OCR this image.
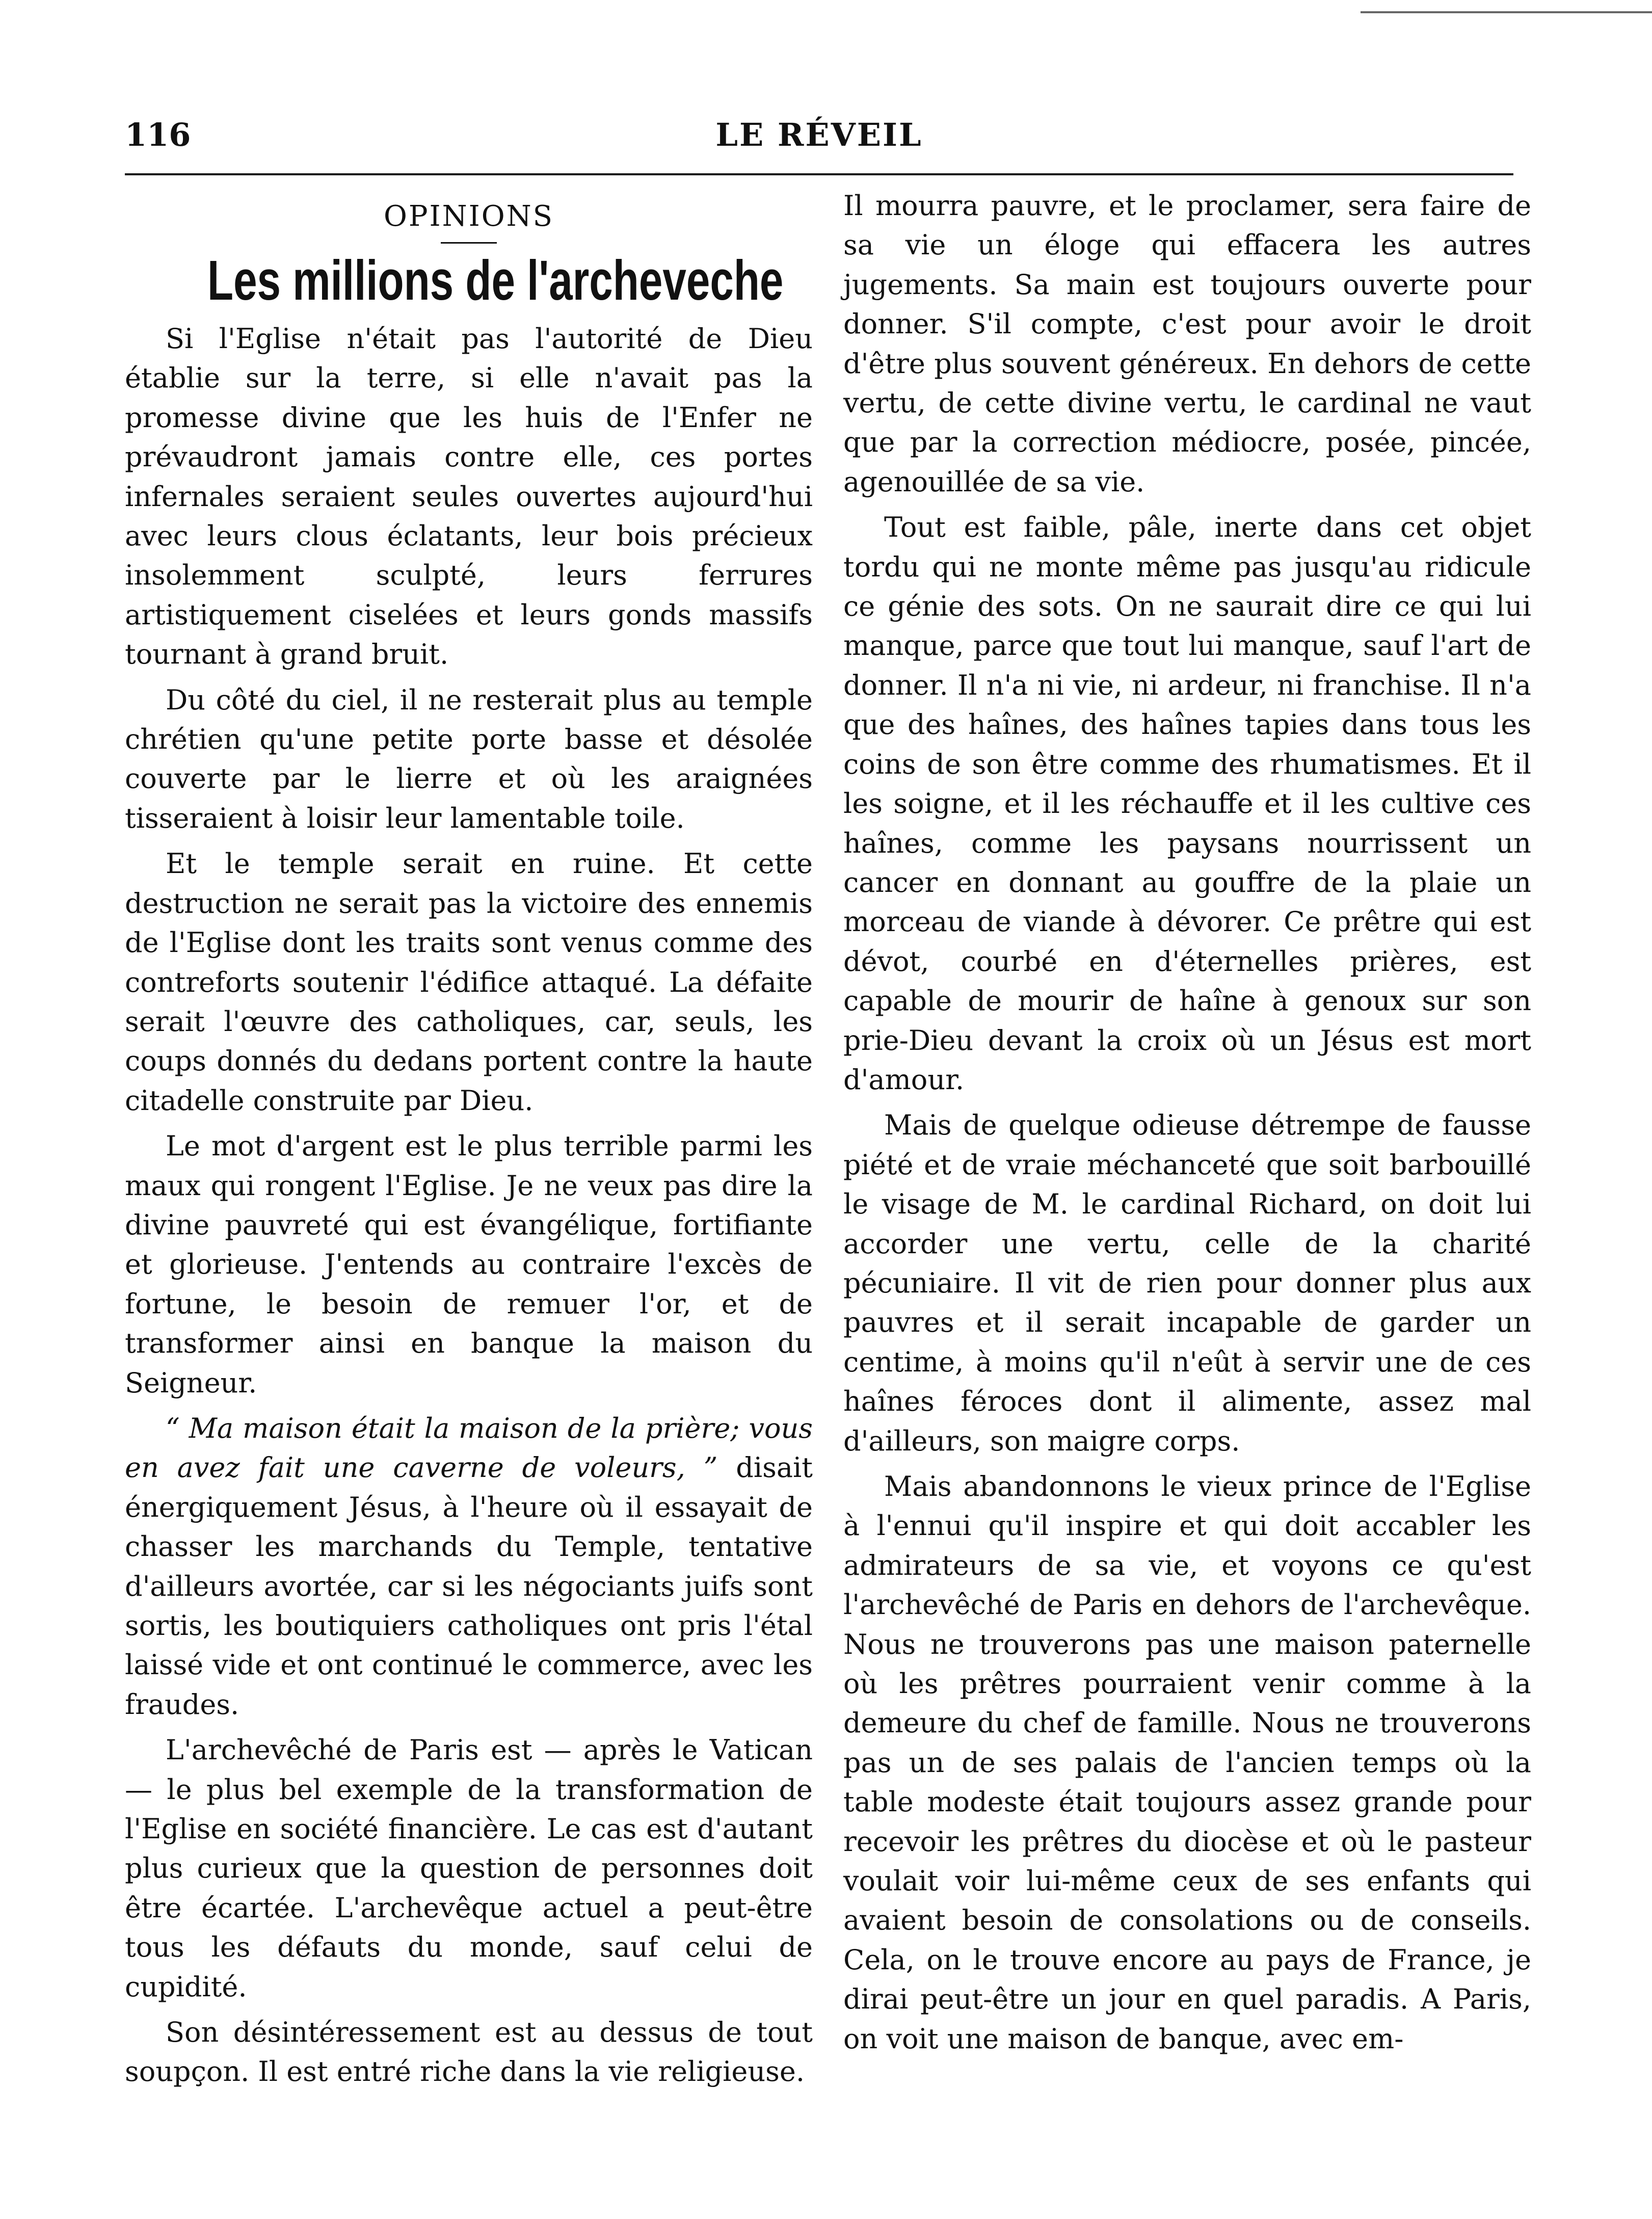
116	LE RÉVEIL
OPINIONS
Les millions de l'archeveche

Si l'Eglise n'était pas l'autorité de Dieu établie sur la terre, si elle n'avait pas la promesse divine que les huis de l'Enfer ne prévaudront jamais contre elle, ces portes infernales seraient seules ouvertes aujourd'hui avec leurs clous éclatants, leur bois précieux insolemment sculpté, leurs ferrures artistiquement ciselées et leurs gonds massifs tournant à grand bruit.

Du côté du ciel, il ne resterait plus au temple chrétien qu'une petite porte basse et désolée couverte par le lierre et où les araignées tisseraient à loisir leur lamentable toile.

Et le temple serait en ruine. Et cette destruction ne serait pas la victoire des ennemis de l'Eglise dont les traits sont venus comme des contreforts soutenir l'édifice attaqué. La défaite serait l'œuvre des catholiques, car, seuls, les coups donnés du dedans portent contre la haute citadelle construite par Dieu.

Le mot d'argent est le plus terrible parmi les maux qui rongent l'Eglise. Je ne veux pas dire la divine pauvreté qui est évangélique, fortifiante et glorieuse. J'entends au contraire l'excès de fortune, le besoin de remuer l'or, et de transformer ainsi en banque la maison du Seigneur.

“ Ma maison était la maison de la prière; vous en avez fait une caverne de voleurs, ” disait énergiquement Jésus, à l'heure où il essayait de chasser les marchands du Temple, tentative d'ailleurs avortée, car si les négociants juifs sont sortis, les boutiquiers catholiques ont pris l'étal laissé vide et ont continué le commerce, avec les fraudes.

L'archevêché de Paris est — après le Vatican — le plus bel exemple de la transformation de l'Eglise en société financière. Le cas est d'autant plus curieux que la question de personnes doit être écartée. L'archevêque actuel a peut-être tous les défauts du monde, sauf celui de cupidité.

Son désintéressement est au dessus de tout soupçon. Il est entré riche dans la vie religieuse.

Il mourra pauvre, et le proclamer, sera faire de sa vie un éloge qui effacera les autres jugements. Sa main est toujours ouverte pour donner. S'il compte, c'est pour avoir le droit d'être plus souvent généreux. En dehors de cette vertu, de cette divine vertu, le cardinal ne vaut que par la correction médiocre, posée, pincée, agenouillée de sa vie.

Tout est faible, pâle, inerte dans cet objet tordu qui ne monte même pas jusqu'au ridicule ce génie des sots. On ne saurait dire ce qui lui manque, parce que tout lui manque, sauf l'art de donner. Il n'a ni vie, ni ardeur, ni franchise. Il n'a que des haînes, des haînes tapies dans tous les coins de son être comme des rhumatismes. Et il les soigne, et il les réchauffe et il les cultive ces haînes, comme les paysans nourrissent un cancer en donnant au gouffre de la plaie un morceau de viande à dévorer. Ce prêtre qui est dévot, courbé en d'éternelles prières, est capable de mourir de haîne à genoux sur son prie-Dieu devant la croix où un Jésus est mort d'amour.

Mais de quelque odieuse détrempe de fausse piété et de vraie méchanceté que soit barbouillé le visage de M. le cardinal Richard, on doit lui accorder une vertu, celle de la charité pécuniaire. Il vit de rien pour donner plus aux pauvres et il serait incapable de garder un centime, à moins qu'il n'eût à servir une de ces haînes féroces dont il alimente, assez mal d'ailleurs, son maigre corps.

Mais abandonnons le vieux prince de l'Eglise à l'ennui qu'il inspire et qui doit accabler les admirateurs de sa vie, et voyons ce qu'est l'archevêché de Paris en dehors de l'archevêque. Nous ne trouverons pas une maison paternelle où les prêtres pourraient venir comme à la demeure du chef de famille. Nous ne trouverons pas un de ses palais de l'ancien temps où la table modeste était toujours assez grande pour recevoir les prêtres du diocèse et où le pasteur voulait voir lui-même ceux de ses enfants qui avaient besoin de consolations ou de conseils. Cela, on le trouve encore au pays de France, je dirai peut-être un jour en quel paradis. A Paris, on voit une maison de banque, avec em-
